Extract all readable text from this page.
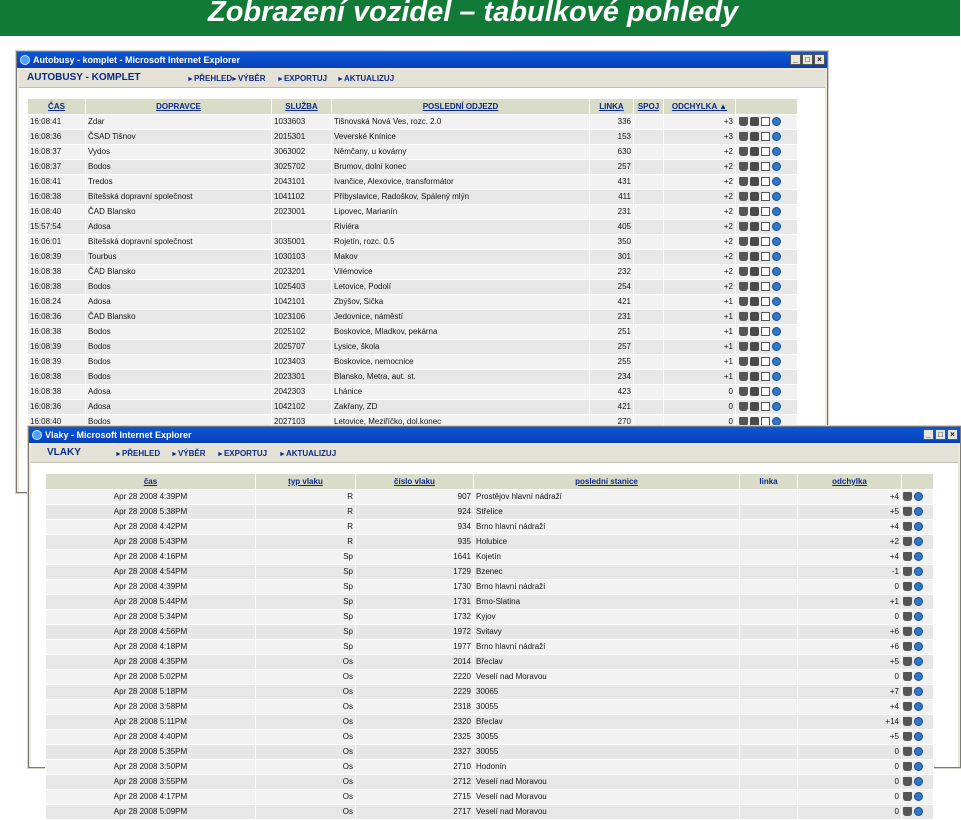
Zobrazení vozidel – tabulkové pohledy
Autobusy - komplet - Microsoft Internet Explorer	_ □ ×
AUTOBUSY - KOMPLET	► PŘEHLED ► VÝBĚR	► EXPORTUJ	► AKTUALIZUJ
ČAS	DOPRAVCE	SLUŽBA	POSLEDNÍ ODJEZD	LINKA	SPOJ	ODCHYLKA ▲	
16:08:41	Zdar	1033603	Tišnovská Nová Ves, rozc. 2.0	336		+3	
16:08:36	ČSAD Tišnov	2015301	Veverské Knínice	153		+3	
16:08:37	Vydos	3063002	Němčany, u kovárny	630		+2	
16:08:37	Bodos	3025702	Brumov, dolní konec	257		+2	
16:08:41	Tredos	2043101	Ivančice, Alexovice, transformátor	431		+2	
16:08:38	Bítešská dopravní společnost	1041102	Příbyslavice, Radoškov, Spálený mlýn	411		+2	
16:08:40	ČAD Blansko	2023001	Lipovec, Marianín	231		+2	
15:57:54	Adosa		Riviéra	405		+2	
16:06:01	Bítešská dopravní společnost	3035001	Rojetín, rozc. 0.5	350		+2	
16:08:39	Tourbus	1030103	Makov	301		+2	
16:08:38	ČAD Blansko	2023201	Vilémovice	232		+2	
16:08:38	Bodos	1025403	Letovice, Podolí	254		+2	
16:08:24	Adosa	1042101	Zbýšov, Sička	421		+1	
16:08:36	ČAD Blansko	1023106	Jedovnice, náměstí	231		+1	
16:08:38	Bodos	2025102	Boskovice, Mladkov, pekárna	251		+1	
16:08:39	Bodos	2025707	Lysice, škola	257		+1	
16:08:39	Bodos	1023403	Boskovice, nemocnice	255		+1	
16:08:38	Bodos	2023301	Blansko, Metra, aut. st.	234		+1	
16:08:38	Adosa	2042303	Lhánice	423		0	
16:08:36	Adosa	1042102	Zakřany, ZD	421		0	
16:08:40	Bodos	2027103	Letovice, Meziříčko, dol.konec	270		0	
Vlaky - Microsoft Internet Explorer	_ □ ×
VLAKY	► PŘEHLED	► VÝBĚR	► EXPORTUJ	► AKTUALIZUJ
čas	typ vlaku	číslo vlaku	poslední stanice	linka	odchylka	
Apr 28 2008 4:39PM	R	907	Prostějov hlavní nádraží		+4	
Apr 28 2008 5:38PM	R	924	Střelice		+5	
Apr 28 2008 4:42PM	R	934	Brno hlavní nádraží		+4	
Apr 28 2008 5:43PM	R	935	Holubice		+2	
Apr 28 2008 4:16PM	Sp	1641	Kojetín		+4	
Apr 28 2008 4:54PM	Sp	1729	Bzenec		-1	
Apr 28 2008 4:39PM	Sp	1730	Brno hlavní nádraží		0	
Apr 28 2008 5:44PM	Sp	1731	Brno-Slatina		+1	
Apr 28 2008 5:34PM	Sp	1732	Kyjov		0	
Apr 28 2008 4:56PM	Sp	1972	Svitavy		+6	
Apr 28 2008 4:18PM	Sp	1977	Brno hlavní nádraží		+6	
Apr 28 2008 4:35PM	Os	2014	Břeclav		+5	
Apr 28 2008 5:02PM	Os	2220	Veselí nad Moravou		0	
Apr 28 2008 5:18PM	Os	2229	30065		+7	
Apr 28 2008 3:58PM	Os	2318	30055		+4	
Apr 28 2008 5:11PM	Os	2320	Břeclav		+14	
Apr 28 2008 4:40PM	Os	2325	30055		+5	
Apr 28 2008 5:35PM	Os	2327	30055		0	
Apr 28 2008 3:50PM	Os	2710	Hodonín		0	
Apr 28 2008 3:55PM	Os	2712	Veselí nad Moravou		0	
Apr 28 2008 4:17PM	Os	2715	Veselí nad Moravou		0	
Apr 28 2008 5:09PM	Os	2717	Veselí nad Moravou		0	
